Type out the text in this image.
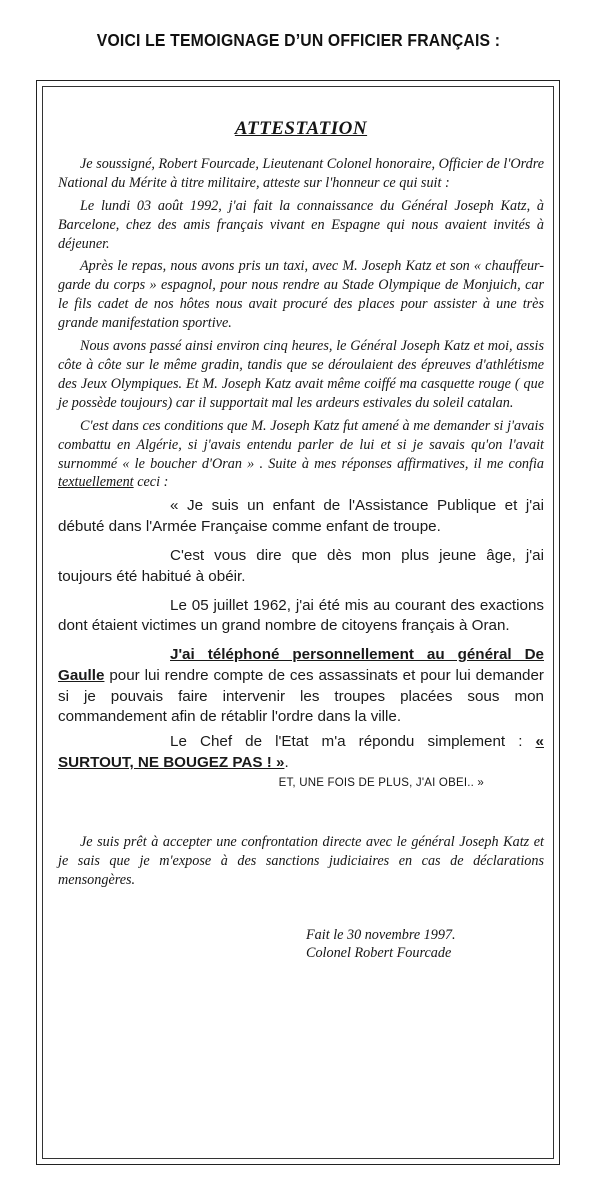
VOICI LE TEMOIGNAGE D’UN OFFICIER FRANÇAIS :
ATTESTATION

Je soussigné, Robert Fourcade, Lieutenant Colonel honoraire, Officier de l'Ordre National du Mérite à titre militaire, atteste sur l'honneur ce qui suit :

Le lundi 03 août 1992, j'ai fait la connaissance du Général Joseph Katz, à Barcelone, chez des amis français vivant en Espagne qui nous avaient invités à déjeuner.

Après le repas, nous avons pris un taxi, avec M. Joseph Katz et son « chauffeur-garde du corps » espagnol, pour nous rendre au Stade Olympique de Monjuich, car le fils cadet de nos hôtes nous avait procuré des places pour assister à une très grande manifestation sportive.

Nous avons passé ainsi environ cinq heures, le Général Joseph Katz et moi, assis côte à côte sur le même gradin, tandis que se déroulaient des épreuves d'athlétisme des Jeux Olympiques. Et M. Joseph Katz avait même coiffé ma casquette rouge ( que je possède toujours) car il supportait mal les ardeurs estivales du soleil catalan.

C'est dans ces conditions que M. Joseph Katz fut amené à me demander si j'avais combattu en Algérie, si j'avais entendu parler de lui et si je savais qu'on l'avait surnommé « le boucher d'Oran » . Suite à mes réponses affirmatives, il me confia textuellement ceci :

« Je suis un enfant de l'Assistance Publique et j'ai débuté dans l'Armée Française comme enfant de troupe.

C'est vous dire que dès mon plus jeune âge, j'ai toujours été habitué à obéir.

Le 05 juillet 1962, j'ai été mis au courant des exactions dont étaient victimes un grand nombre de citoyens français à Oran.

J'ai téléphoné personnellement au général De Gaulle pour lui rendre compte de ces assassinats et pour lui demander si je pouvais faire intervenir les troupes placées sous mon commandement afin de rétablir l'ordre dans la ville.

Le Chef de l'Etat m'a répondu simplement : « SURTOUT, NE BOUGEZ PAS ! ».

ET, UNE FOIS DE PLUS, J'AI OBEI.. »

Je suis prêt à accepter une confrontation directe avec le général Joseph Katz et je sais que je m'expose à des sanctions judiciaires en cas de déclarations mensongères.

Fait le 30 novembre 1997.
Colonel Robert Fourcade
